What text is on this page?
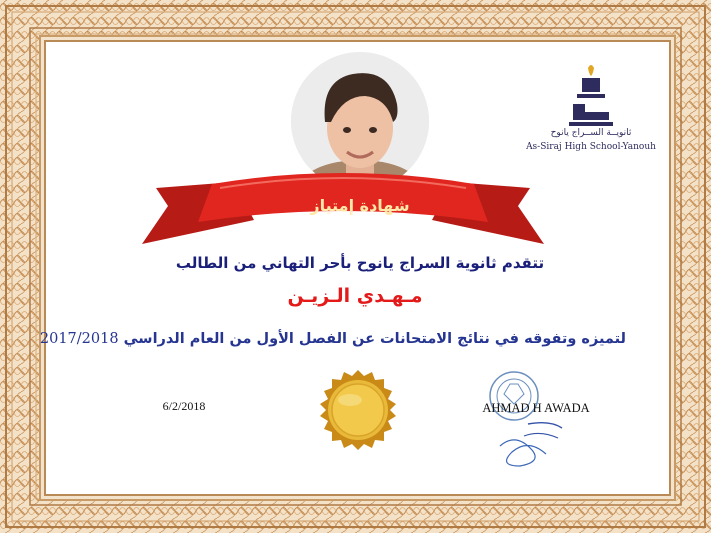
شهادة إمتياز
ثانويــة الســراج يانوح
As-Siraj High School-Yanouh
تتقدم ثانوية السراج يانوح بأحر التهاني من الطالب
مـهـدي الـزيـن
لتميزه وتفوقه في نتائج الامتحانات عن الفصل الأول من العام الدراسي 2017/2018
6/2/2018	AHMAD H AWADA
